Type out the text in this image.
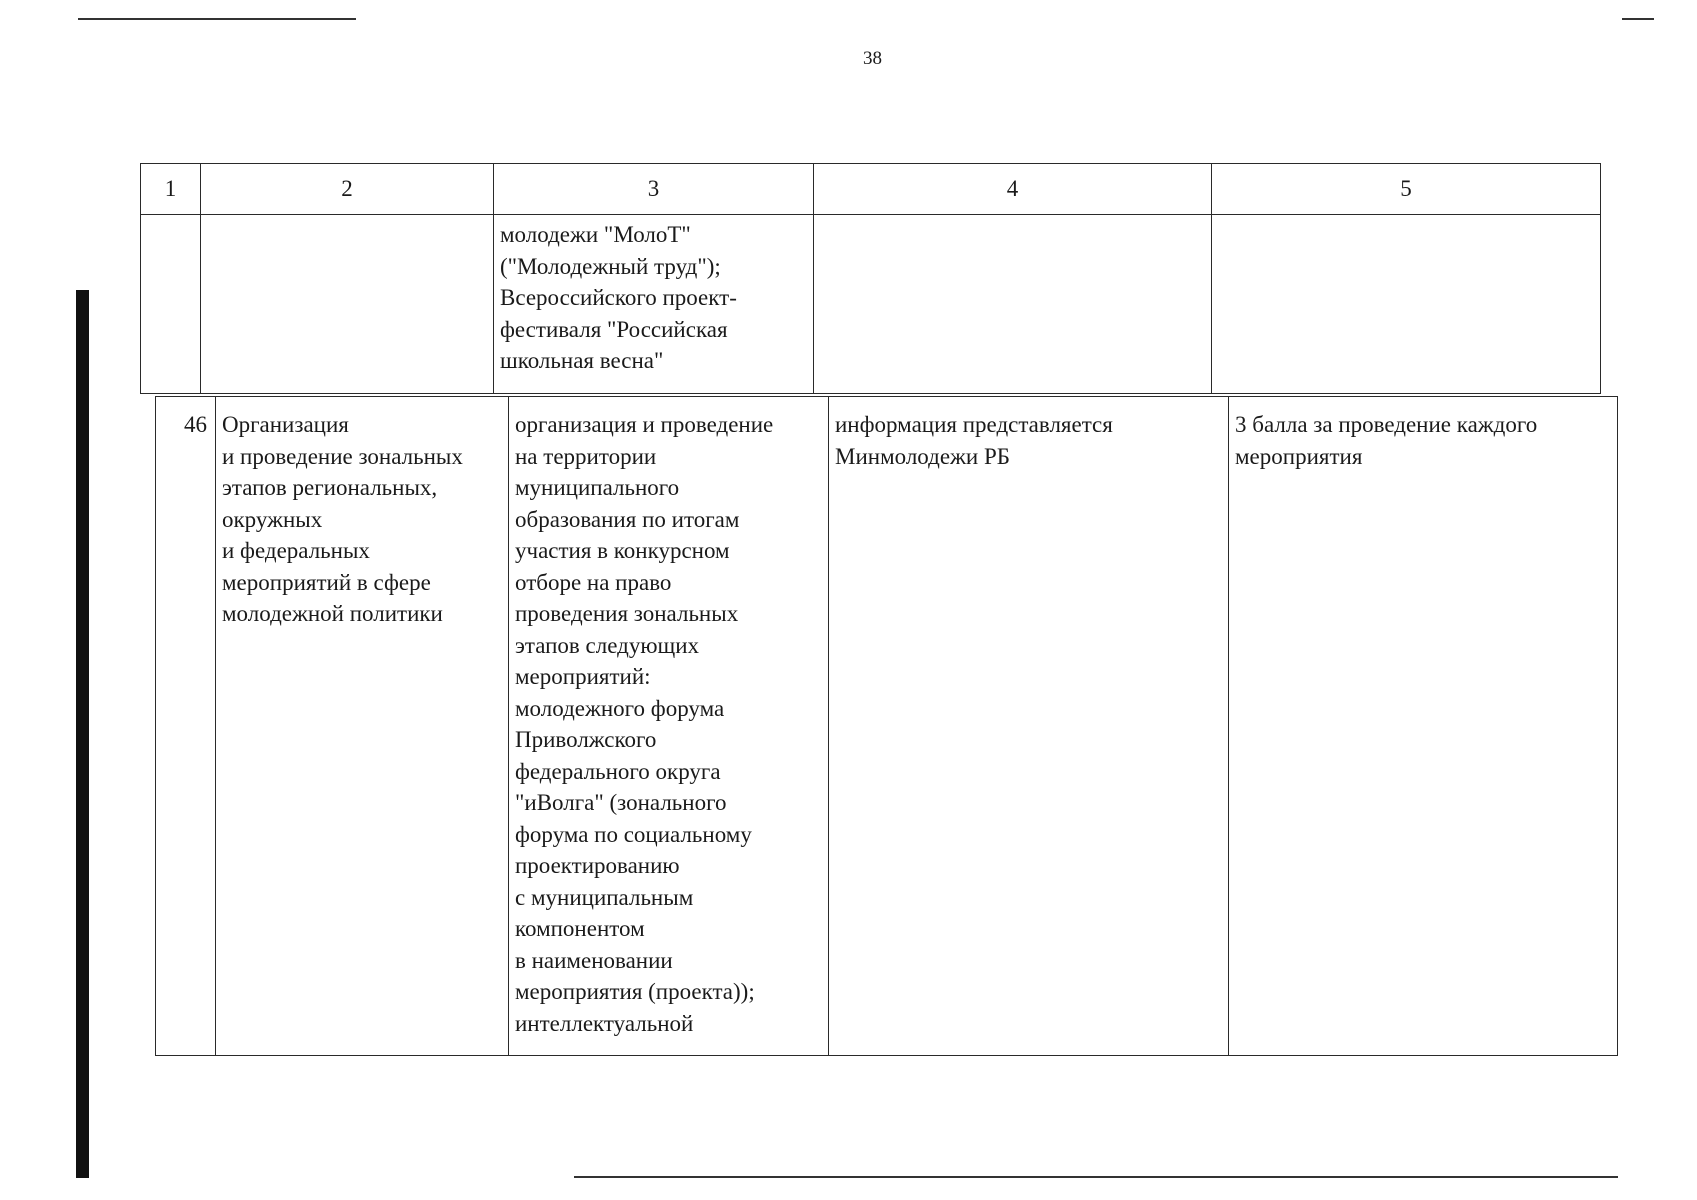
38
1	2	3	4	5
		молодежи "МолоТ"
("Молодежный труд");
Всероссийского проект-
фестиваля "Российская
школьная весна"		
46	Организация
и проведение зональных
этапов региональных,
окружных
и федеральных
мероприятий в сфере
молодежной политики	организация и проведение
на территории
муниципального
образования по итогам
участия в конкурсном
отборе на право
проведения зональных
этапов следующих
мероприятий:
молодежного форума
Приволжского
федерального округа
"иВолга" (зонального
форума по социальному
проектированию
с муниципальным
компонентом
в наименовании
мероприятия (проекта));
интеллектуальной	информация представляется
Минмолодежи РБ	3 балла за проведение каждого
мероприятия
